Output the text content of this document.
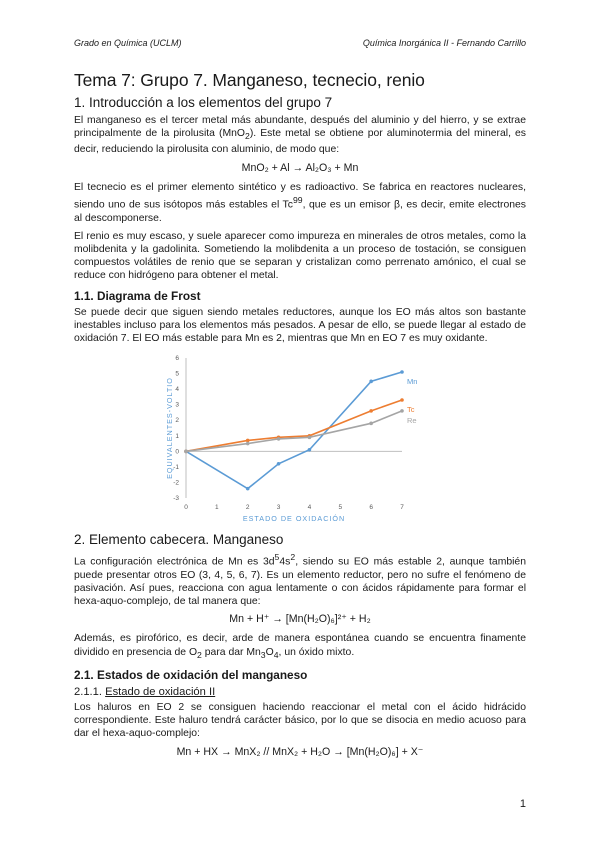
Grado en Química (UCLM)	Química Inorgánica II - Fernando Carrillo
Tema 7: Grupo 7. Manganeso, tecnecio, renio
1. Introducción a los elementos del grupo 7

El manganeso es el tercer metal más abundante, después del aluminio y del hierro, y se extrae principalmente de la pirolusita (MnO$_2$). Este metal se obtiene por aluminotermia del mineral, es decir, reduciendo la pirolusita con aluminio, de modo que:

MnO₂ + Al → Al₂O₃ + Mn

El tecnecio es el primer elemento sintético y es radioactivo. Se fabrica en reactores nucleares, siendo uno de sus isótopos más estables el Tc$^{99}$, que es un emisor β, es decir, emite electrones al descomponerse.

El renio es muy escaso, y suele aparecer como impureza en minerales de otros metales, como la molibdenita y la gadolinita. Sometiendo la molibdenita a un proceso de tostación, se consiguen compuestos volátiles de renio que se separan y cristalizan como perrenato amónico, el cual se reduce con hidrógeno para obtener el metal.

1.1. Diagrama de Frost

Se puede decir que siguen siendo metales reductores, aunque los EO más altos son bastante inestables incluso para los elementos más pesados. A pesar de ello, se puede llegar al estado de oxidación 7. El EO más estable para Mn es 2, mientras que Mn en EO 7 es muy oxidante.

-3
-2
-1
0
1
2
3
4
5
6
0	1	2	3	4	5	6	7
ESTADO DE OXIDACIÓN
EQUIVALENTES-VOLTIO	Mn
Tc
Re
2. Elemento cabecera. Manganeso

La configuración electrónica de Mn es $3d^54s^2$, siendo su EO más estable 2, aunque también puede presentar otros EO (3, 4, 5, 6, 7). Es un elemento reductor, pero no sufre el fenómeno de pasivación. Así pues, reacciona con agua lentamente o con ácidos rápidamente para formar el hexa-aquo-complejo, de tal manera que:

Mn + H⁺ → [Mn(H₂O)₆]²⁺ + H₂

Además, es pirofórico, es decir, arde de manera espontánea cuando se encuentra finamente dividido en presencia de $O_2$ para dar $Mn_3O_4$, un óxido mixto.

2.1. Estados de oxidación del manganeso
2.1.1. Estado de oxidación II

Los haluros en EO 2 se consiguen haciendo reaccionar el metal con el ácido hidrácido correspondiente. Este haluro tendrá carácter básico, por lo que se disocia en medio acuoso para dar el hexa-aquo-complejo:

Mn + HX → MnX₂ // MnX₂ + H₂O → [Mn(H₂O)₆] + X⁻
1
